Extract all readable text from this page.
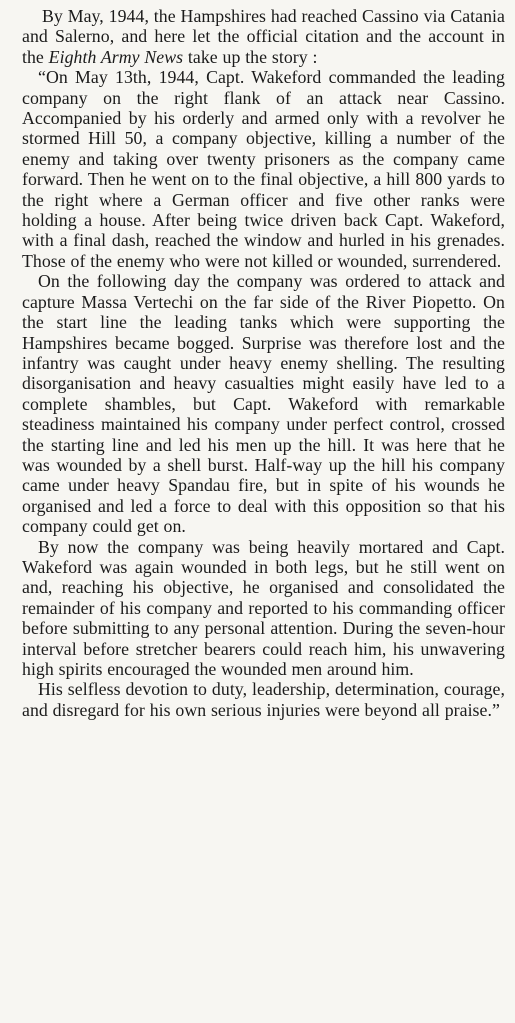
By May, 1944, the Hampshires had reached Cassino via Catania and Salerno, and here let the official citation and the account in the Eighth Army News take up the story :

“On May 13th, 1944, Capt. Wakeford commanded the leading company on the right flank of an attack near Cassino. Accompanied by his orderly and armed only with a revolver he stormed Hill 50, a company objective, killing a number of the enemy and taking over twenty prisoners as the company came forward. Then he went on to the final objective, a hill 800 yards to the right where a German officer and five other ranks were holding a house. After being twice driven back Capt. Wakeford, with a final dash, reached the window and hurled in his grenades. Those of the enemy who were not killed or wounded, surrendered.

On the following day the company was ordered to attack and capture Massa Vertechi on the far side of the River Piopetto. On the start line the leading tanks which were supporting the Hampshires became bogged. Surprise was therefore lost and the infantry was caught under heavy enemy shelling. The resulting disorganisation and heavy casualties might easily have led to a complete shambles, but Capt. Wakeford with remarkable steadiness maintained his company under perfect control, crossed the starting line and led his men up the hill. It was here that he was wounded by a shell burst. Half-way up the hill his company came under heavy Spandau fire, but in spite of his wounds he organised and led a force to deal with this opposition so that his company could get on.

By now the company was being heavily mortared and Capt. Wakeford was again wounded in both legs, but he still went on and, reaching his objective, he organised and consolidated the remainder of his company and reported to his commanding officer before submitting to any personal attention. During the seven-hour interval before stretcher bearers could reach him, his unwavering high spirits encouraged the wounded men around him.

His selfless devotion to duty, leadership, determination, courage, and disregard for his own serious injuries were beyond all praise.”
